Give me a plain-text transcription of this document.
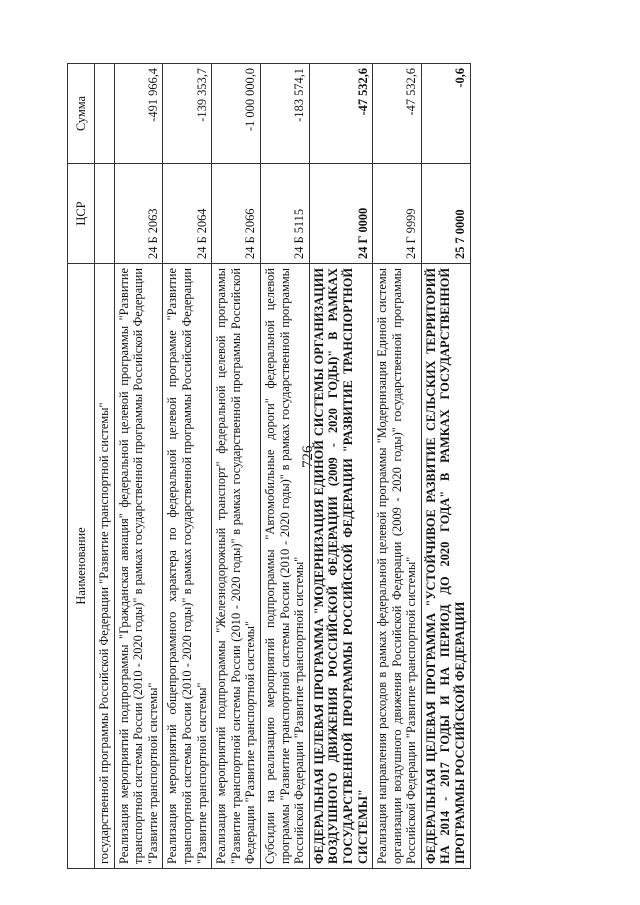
726
Наименование	ЦСР	Сумма
государственной программы Российской Федерации "Развитие транспортной системы"		
Реализация мероприятий подпрограммы "Гражданская авиация" федеральной целевой программы "Развитие транспортной системы России (2010 - 2020 годы)" в рамках государственной программы Российской Федерации "Развитие транспортной системы"	24 Б 2063	-491 966,4
Реализация мероприятий общепрограммного характера по федеральной целевой программе "Развитие транспортной системы России (2010 - 2020 годы)" в рамках государственной программы Российской Федерации "Развитие транспортной системы"	24 Б 2064	-139 353,7
Реализация мероприятий подпрограммы "Железнодорожный транспорт" федеральной целевой программы "Развитие транспортной системы России (2010 - 2020 годы)" в рамках государственной программы Российской Федерации "Развитие транспортной системы"	24 Б 2066	-1 000 000,0
Субсидии на реализацию мероприятий подпрограммы "Автомобильные дороги" федеральной целевой программы "Развитие транспортной системы России (2010 - 2020 годы)" в рамках государственной программы Российской Федерации "Развитие транспортной системы"	24 Б 5115	-183 574,1
ФЕДЕРАЛЬНАЯ ЦЕЛЕВАЯ ПРОГРАММА "МОДЕРНИЗАЦИЯ ЕДИНОЙ СИСТЕМЫ ОРГАНИЗАЦИИ ВОЗДУШНОГО ДВИЖЕНИЯ РОССИЙСКОЙ ФЕДЕРАЦИИ (2009 - 2020 ГОДЫ)" В РАМКАХ ГОСУДАРСТВЕННОЙ ПРОГРАММЫ РОССИЙСКОЙ ФЕДЕРАЦИИ "РАЗВИТИЕ ТРАНСПОРТНОЙ СИСТЕМЫ"	24 Г 0000	-47 532,6
Реализация направления расходов в рамках федеральной целевой программы "Модернизация Единой системы организации воздушного движения Российской Федерации (2009 - 2020 годы)" государственной программы Российской Федерации "Развитие транспортной системы"	24 Г 9999	-47 532,6
ФЕДЕРАЛЬНАЯ ЦЕЛЕВАЯ ПРОГРАММА "УСТОЙЧИВОЕ РАЗВИТИЕ СЕЛЬСКИХ ТЕРРИТОРИЙ НА 2014 - 2017 ГОДЫ И НА ПЕРИОД ДО 2020 ГОДА" В РАМКАХ ГОСУДАРСТВЕННОЙ ПРОГРАММЫ РОССИЙСКОЙ ФЕДЕРАЦИИ	25 7 0000	-0,6
